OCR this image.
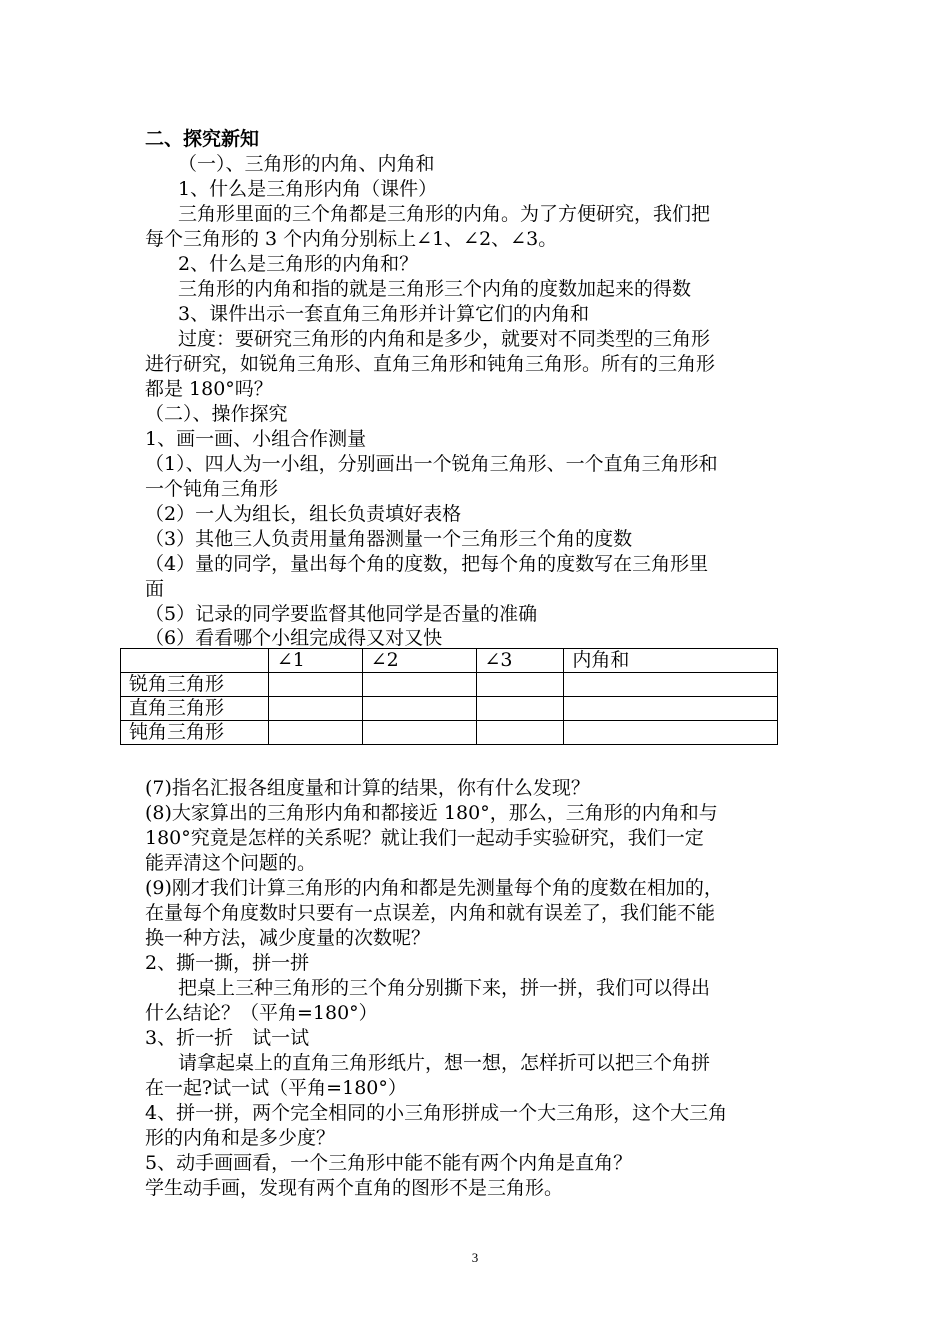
二、探究新知
（一）、三角形的内角、内角和
1、什么是三角形内角（课件）
三角形里面的三个角都是三角形的内角。为了方便研究，我们把
每个三角形的 3 个内角分别标上∠1、∠2、∠3。
2、什么是三角形的内角和？
三角形的内角和指的就是三角形三个内角的度数加起来的得数
3、课件出示一套直角三角形并计算它们的内角和
过度：要研究三角形的内角和是多少，就要对不同类型的三角形
进行研究，如锐角三角形、直角三角形和钝角三角形。所有的三角形
都是 180°吗？
（二）、操作探究
1、画一画、小组合作测量
（1）、四人为一小组，分别画出一个锐角三角形、一个直角三角形和
一个钝角三角形
（2）一人为组长，组长负责填好表格
（3）其他三人负责用量角器测量一个三角形三个角的度数
（4）量的同学，量出每个角的度数，把每个角的度数写在三角形里
面
（5）记录的同学要监督其他同学是否量的准确
（6）看看哪个小组完成得又对又快
	∠1	∠2	∠3	内角和
锐角三角形				
直角三角形				
钝角三角形				
(7)指名汇报各组度量和计算的结果，你有什么发现？
(8)大家算出的三角形内角和都接近 180°，那么，三角形的内角和与
180°究竟是怎样的关系呢？就让我们一起动手实验研究，我们一定
能弄清这个问题的。
(9)刚才我们计算三角形的内角和都是先测量每个角的度数在相加的，
在量每个角度数时只要有一点误差，内角和就有误差了，我们能不能
换一种方法，减少度量的次数呢？
2、撕一撕，拼一拼
把桌上三种三角形的三个角分别撕下来，拼一拼，我们可以得出
什么结论？（平角=180°）
3、折一折　试一试
请拿起桌上的直角三角形纸片，想一想，怎样折可以把三个角拼
在一起?试一试（平角=180°）
4、拼一拼，两个完全相同的小三角形拼成一个大三角形，这个大三角
形的内角和是多少度？
5、动手画画看，一个三角形中能不能有两个内角是直角？
学生动手画，发现有两个直角的图形不是三角形。
3
